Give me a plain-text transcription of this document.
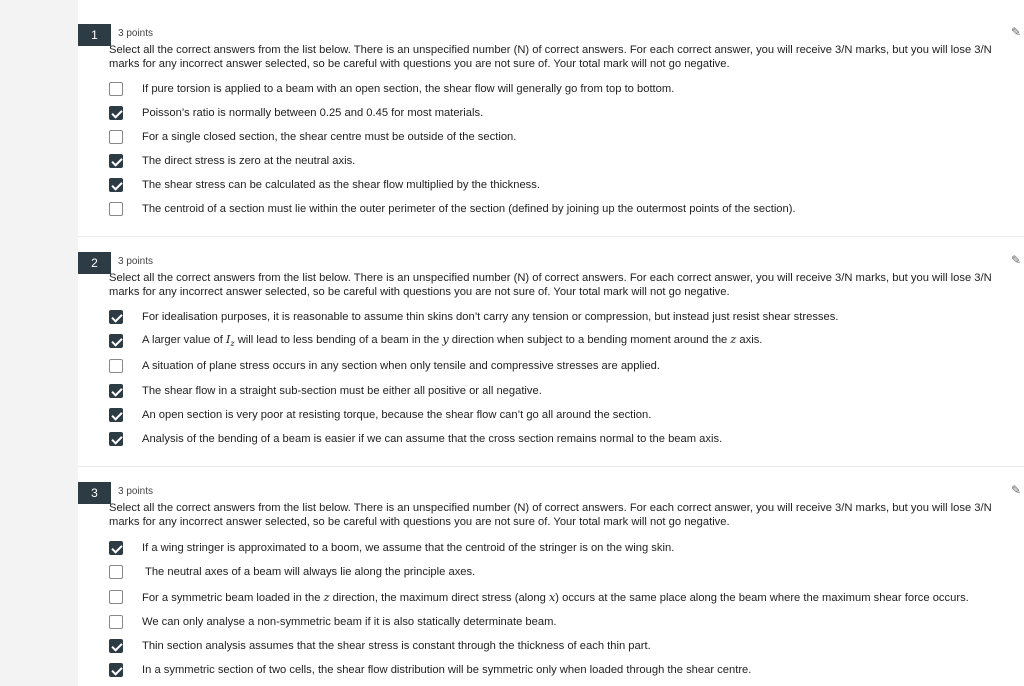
1	3 points	✎
Select all the correct answers from the list below. There is an unspecified number (N) of correct answers. For each correct answer, you will receive 3/N marks, but you will lose 3/N marks for any incorrect answer selected, so be careful with questions you are not sure of. Your total mark will not go negative.
If pure torsion is applied to a beam with an open section, the shear flow will generally go from top to bottom.
Poisson’s ratio is normally between 0.25 and 0.45 for most materials.
For a single closed section, the shear centre must be outside of the section.
The direct stress is zero at the neutral axis.
The shear stress can be calculated as the shear flow multiplied by the thickness.
The centroid of a section must lie within the outer perimeter of the section (defined by joining up the outermost points of the section).
2	3 points	✎
Select all the correct answers from the list below. There is an unspecified number (N) of correct answers. For each correct answer, you will receive 3/N marks, but you will lose 3/N marks for any incorrect answer selected, so be careful with questions you are not sure of. Your total mark will not go negative.
For idealisation purposes, it is reasonable to assume thin skins don’t carry any tension or compression, but instead just resist shear stresses.
A larger value of $I_z$ will lead to less bending of a beam in the y direction when subject to a bending moment around the z axis.
A situation of plane stress occurs in any section when only tensile and compressive stresses are applied.
The shear flow in a straight sub-section must be either all positive or all negative.
An open section is very poor at resisting torque, because the shear flow can’t go all around the section.
Analysis of the bending of a beam is easier if we can assume that the cross section remains normal to the beam axis.
3	3 points	✎
Select all the correct answers from the list below. There is an unspecified number (N) of correct answers. For each correct answer, you will receive 3/N marks, but you will lose 3/N marks for any incorrect answer selected, so be careful with questions you are not sure of. Your total mark will not go negative.
If a wing stringer is approximated to a boom, we assume that the centroid of the stringer is on the wing skin.
The neutral axes of a beam will always lie along the principle axes.
For a symmetric beam loaded in the z direction, the maximum direct stress (along x) occurs at the same place along the beam where the maximum shear force occurs.
We can only analyse a non-symmetric beam if it is also statically determinate beam.
Thin section analysis assumes that the shear stress is constant through the thickness of each thin part.
In a symmetric section of two cells, the shear flow distribution will be symmetric only when loaded through the shear centre.
